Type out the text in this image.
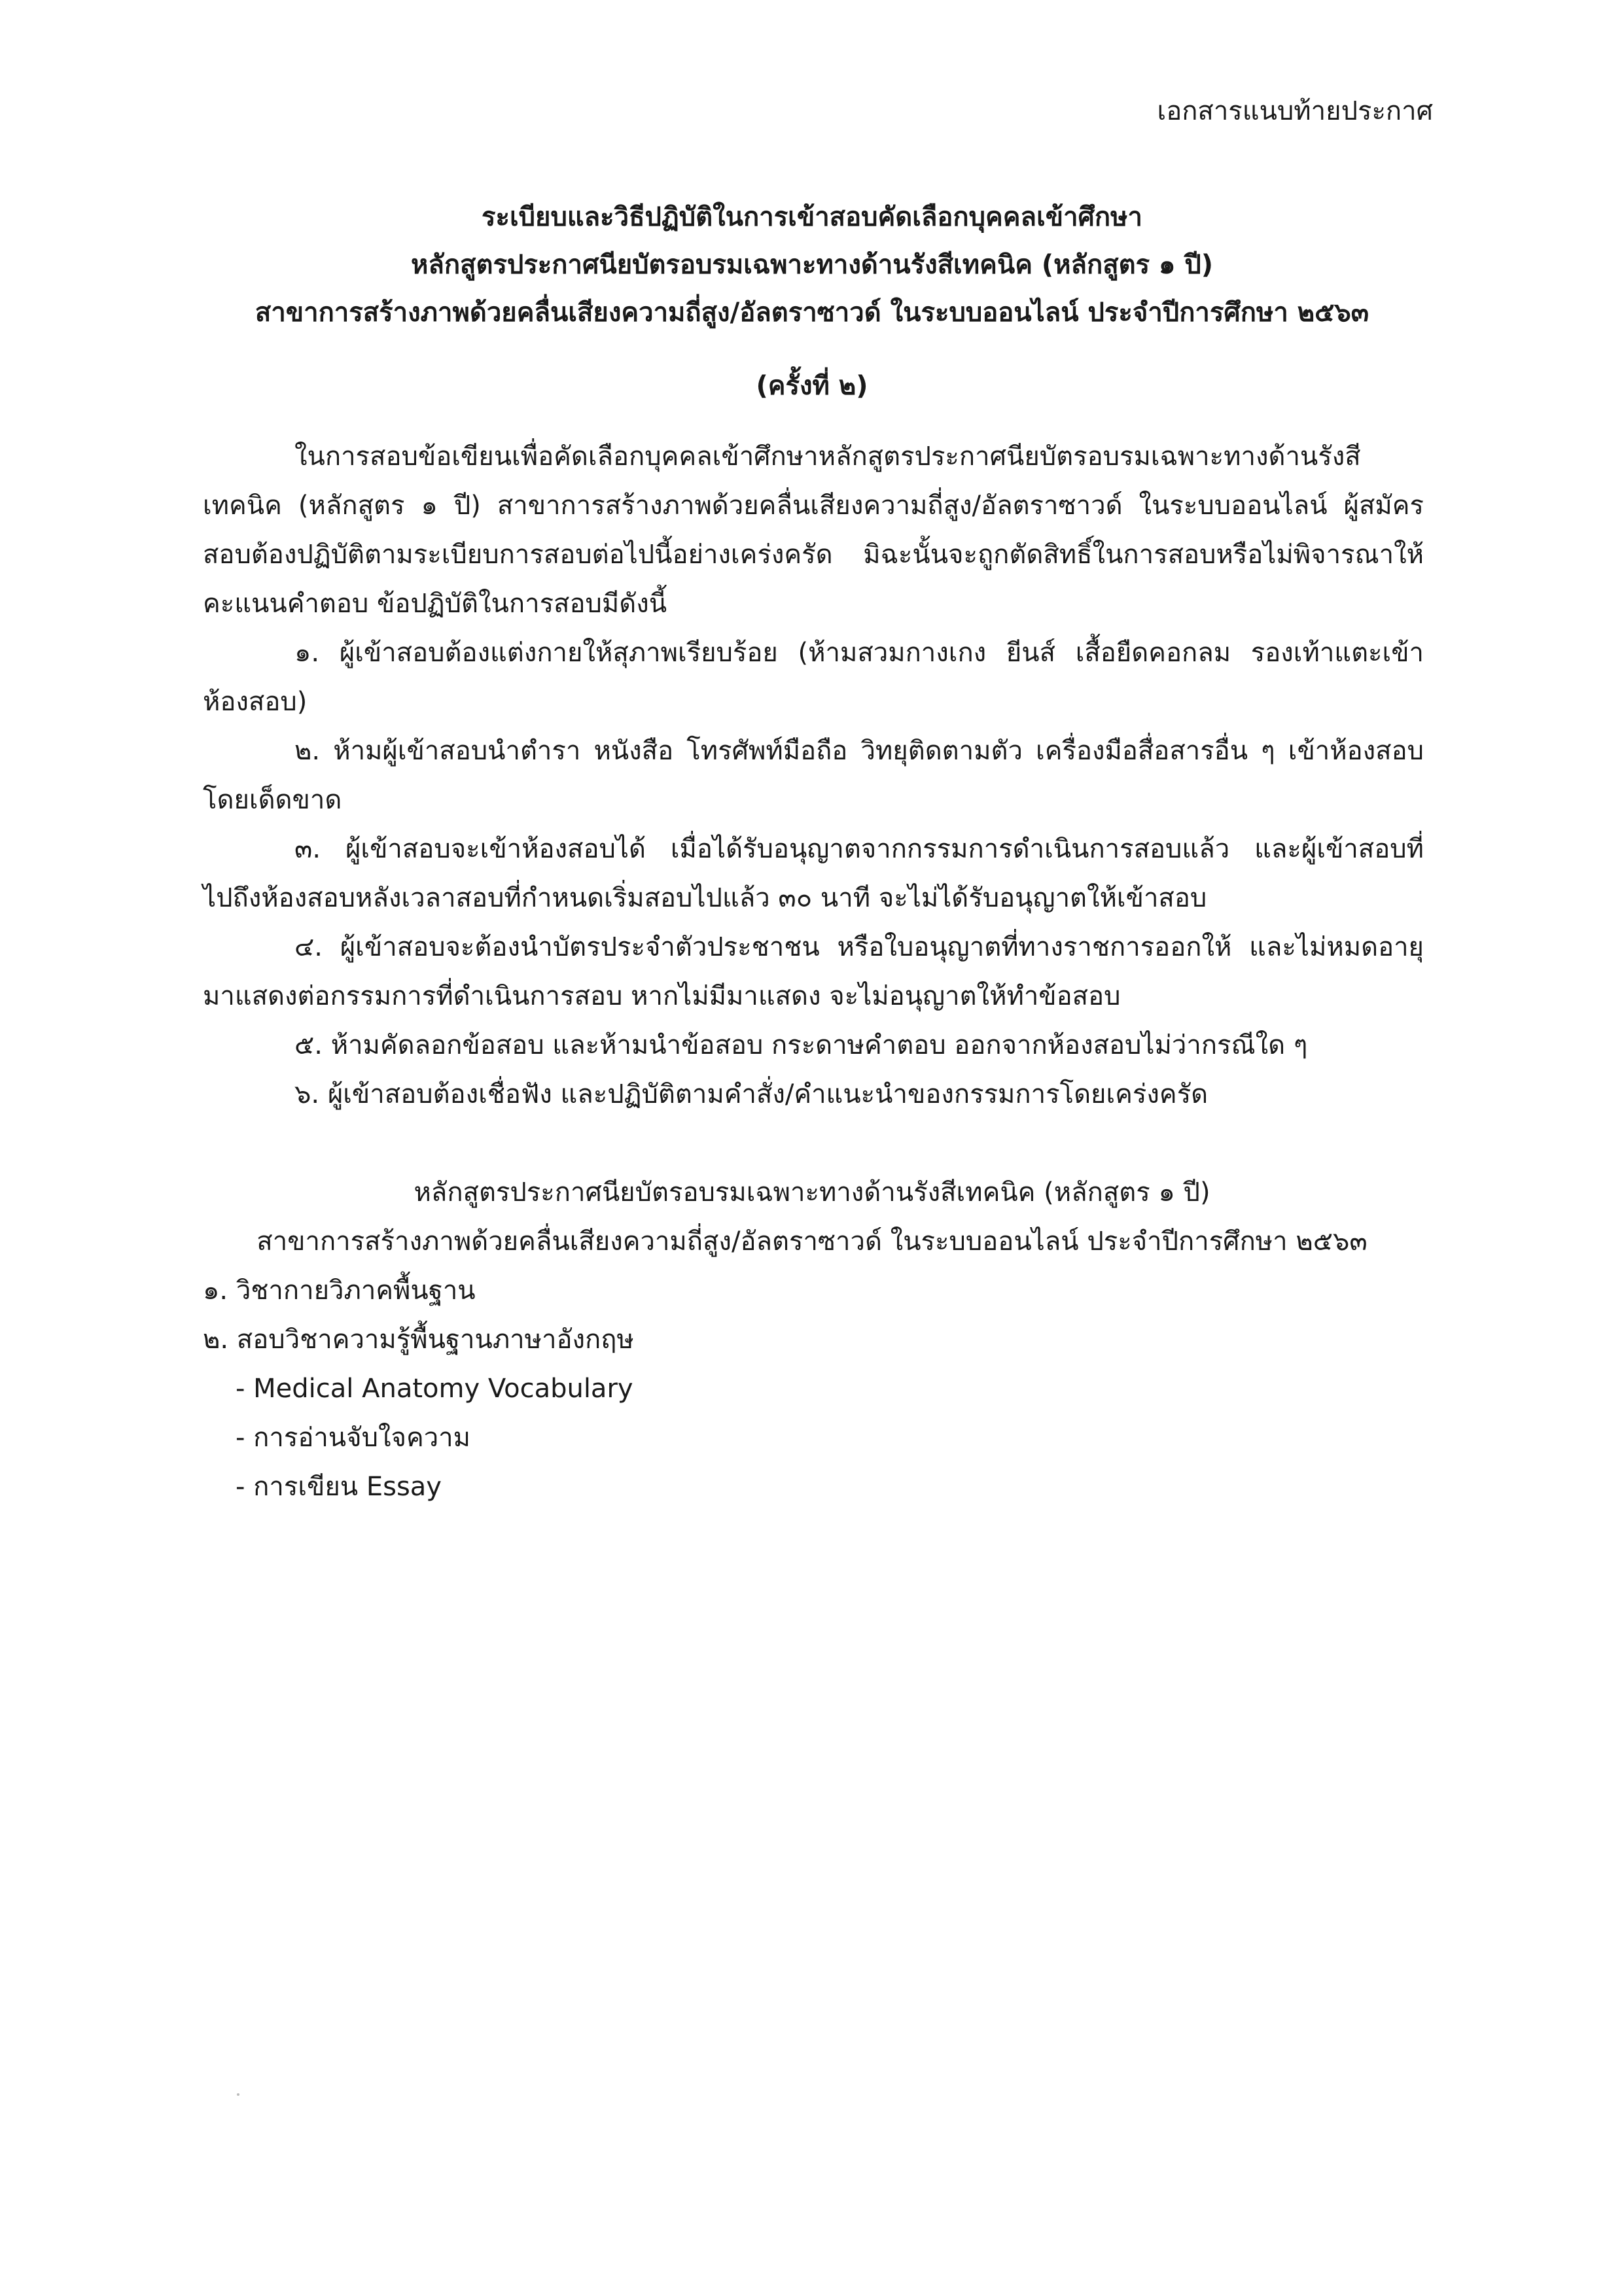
เอกสารแนบท้ายประกาศ
ระเบียบและวิธีปฏิบัติในการเข้าสอบคัดเลือกบุคคลเข้าศึกษา
หลักสูตรประกาศนียบัตรอบรมเฉพาะทางด้านรังสีเทคนิค (หลักสูตร ๑ ปี)
สาขาการสร้างภาพด้วยคลื่นเสียงความถี่สูง/อัลตราซาวด์ ในระบบออนไลน์ ประจำปีการศึกษา ๒๕๖๓
(ครั้งที่ ๒)
ในการสอบข้อเขียนเพื่อคัดเลือกบุคคลเข้าศึกษาหลักสูตรประกาศนียบัตรอบรมเฉพาะทางด้านรังสี
เทคนิค (หลักสูตร ๑ ปี) สาขาการสร้างภาพด้วยคลื่นเสียงความถี่สูง/อัลตราซาวด์ ในระบบออนไลน์ ผู้สมัคร
สอบต้องปฏิบัติตามระเบียบการสอบต่อไปนี้อย่างเคร่งครัด มิฉะนั้นจะถูกตัดสิทธิ์ในการสอบหรือไม่พิจารณาให้
คะแนนคำตอบ ข้อปฏิบัติในการสอบมีดังนี้
๑. ผู้เข้าสอบต้องแต่งกายให้สุภาพเรียบร้อย (ห้ามสวมกางเกง ยีนส์ เสื้อยืดคอกลม รองเท้าแตะเข้า
ห้องสอบ)
๒. ห้ามผู้เข้าสอบนำตำรา หนังสือ โทรศัพท์มือถือ วิทยุติดตามตัว เครื่องมือสื่อสารอื่น ๆ เข้าห้องสอบ
โดยเด็ดขาด
๓. ผู้เข้าสอบจะเข้าห้องสอบได้ เมื่อได้รับอนุญาตจากกรรมการดำเนินการสอบแล้ว และผู้เข้าสอบที่
ไปถึงห้องสอบหลังเวลาสอบที่กำหนดเริ่มสอบไปแล้ว ๓๐ นาที จะไม่ได้รับอนุญาตให้เข้าสอบ
๔. ผู้เข้าสอบจะต้องนำบัตรประจำตัวประชาชน หรือใบอนุญาตที่ทางราชการออกให้ และไม่หมดอายุ
มาแสดงต่อกรรมการที่ดำเนินการสอบ หากไม่มีมาแสดง จะไม่อนุญาตให้ทำข้อสอบ
๕. ห้ามคัดลอกข้อสอบ และห้ามนำข้อสอบ กระดาษคำตอบ ออกจากห้องสอบไม่ว่ากรณีใด ๆ
๖. ผู้เข้าสอบต้องเชื่อฟัง และปฏิบัติตามคำสั่ง/คำแนะนำของกรรมการโดยเคร่งครัด
หลักสูตรประกาศนียบัตรอบรมเฉพาะทางด้านรังสีเทคนิค (หลักสูตร ๑ ปี)
สาขาการสร้างภาพด้วยคลื่นเสียงความถี่สูง/อัลตราซาวด์ ในระบบออนไลน์ ประจำปีการศึกษา ๒๕๖๓
๑. วิชากายวิภาคพื้นฐาน
๒. สอบวิชาความรู้พื้นฐานภาษาอังกฤษ
- Medical Anatomy Vocabulary
- การอ่านจับใจความ
- การเขียน Essay
